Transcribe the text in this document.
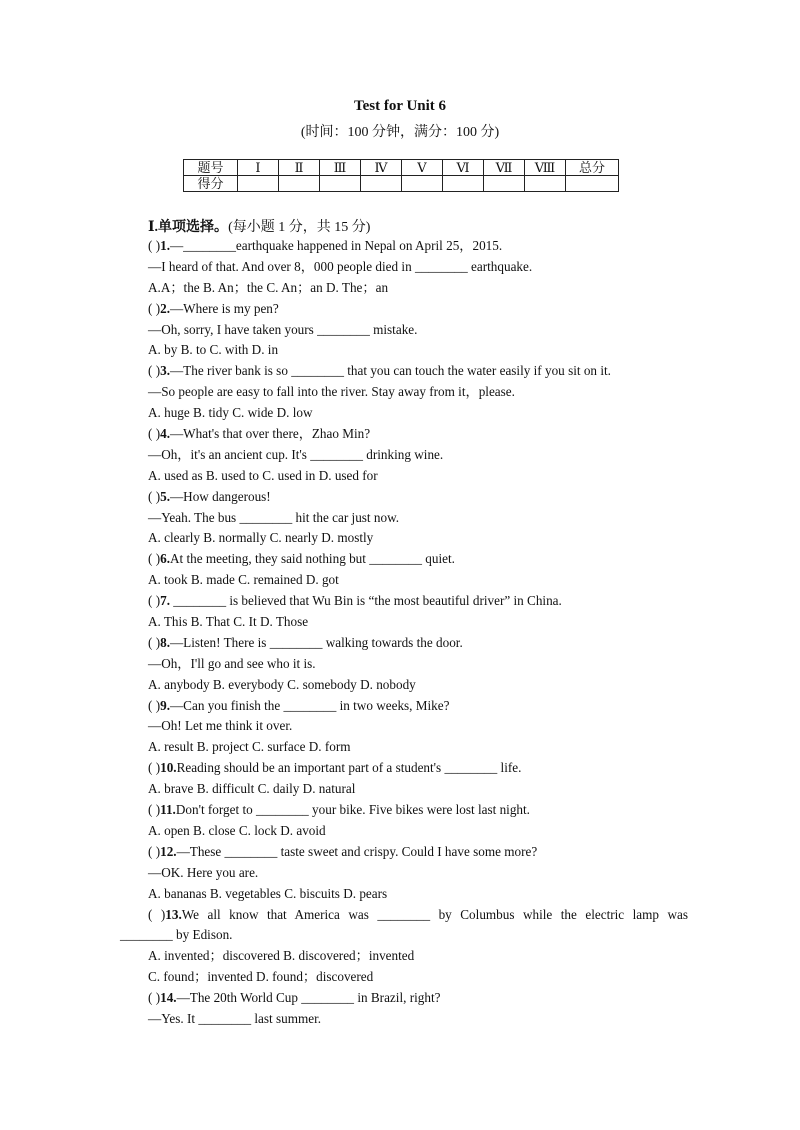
Test for Unit 6
(时间：100 分钟，满分：100 分)
题号	Ⅰ	Ⅱ	Ⅲ	Ⅳ	Ⅴ	Ⅵ	Ⅶ	Ⅷ	总分
得分									
Ⅰ.单项选择。(每小题 1 分，共 15 分)
( )1.—________earthquake happened in Nepal on April 25，2015.
—I heard of that. And over 8，000 people died in ________ earthquake.
A.A；the B. An；the C. An；an D. The；an
( )2.—Where is my pen?
—Oh, sorry, I have taken yours ________ mistake.
A. by B. to C. with D. in
( )3.—The river bank is so ________ that you can touch the water easily if you sit on it.
—So people are easy to fall into the river. Stay away from it，please.
A. huge B. tidy C. wide D. low
( )4.—What's that over there，Zhao Min?
—Oh，it's an ancient cup. It's ________ drinking wine.
A. used as B. used to C. used in D. used for
( )5.—How dangerous!
—Yeah. The bus ________ hit the car just now.
A. clearly B. normally C. nearly D. mostly
( )6.At the meeting, they said nothing but ________ quiet.
A. took B. made C. remained D. got
( )7. ________ is believed that Wu Bin is “the most beautiful driver” in China.
A. This B. That C. It D. Those
( )8.—Listen! There is ________ walking towards the door.
—Oh，I'll go and see who it is.
A. anybody B. everybody C. somebody D. nobody
( )9.—Can you finish the ________ in two weeks, Mike?
—Oh! Let me think it over.
A. result B. project C. surface D. form
( )10.Reading should be an important part of a student's ________ life.
A. brave B. difficult C. daily D. natural
( )11.Don't forget to ________ your bike. Five bikes were lost last night.
A. open B. close C. lock D. avoid
( )12.—These ________ taste sweet and crispy. Could I have some more?
—OK. Here you are.
A. bananas B. vegetables C. biscuits D. pears
( )13.We all know that America was ________ by Columbus while the electric lamp was
________ by Edison.
A. invented；discovered B. discovered；invented
C. found；invented D. found；discovered
( )14.—The 20th World Cup ________ in Brazil, right?
—Yes. It ________ last summer.
